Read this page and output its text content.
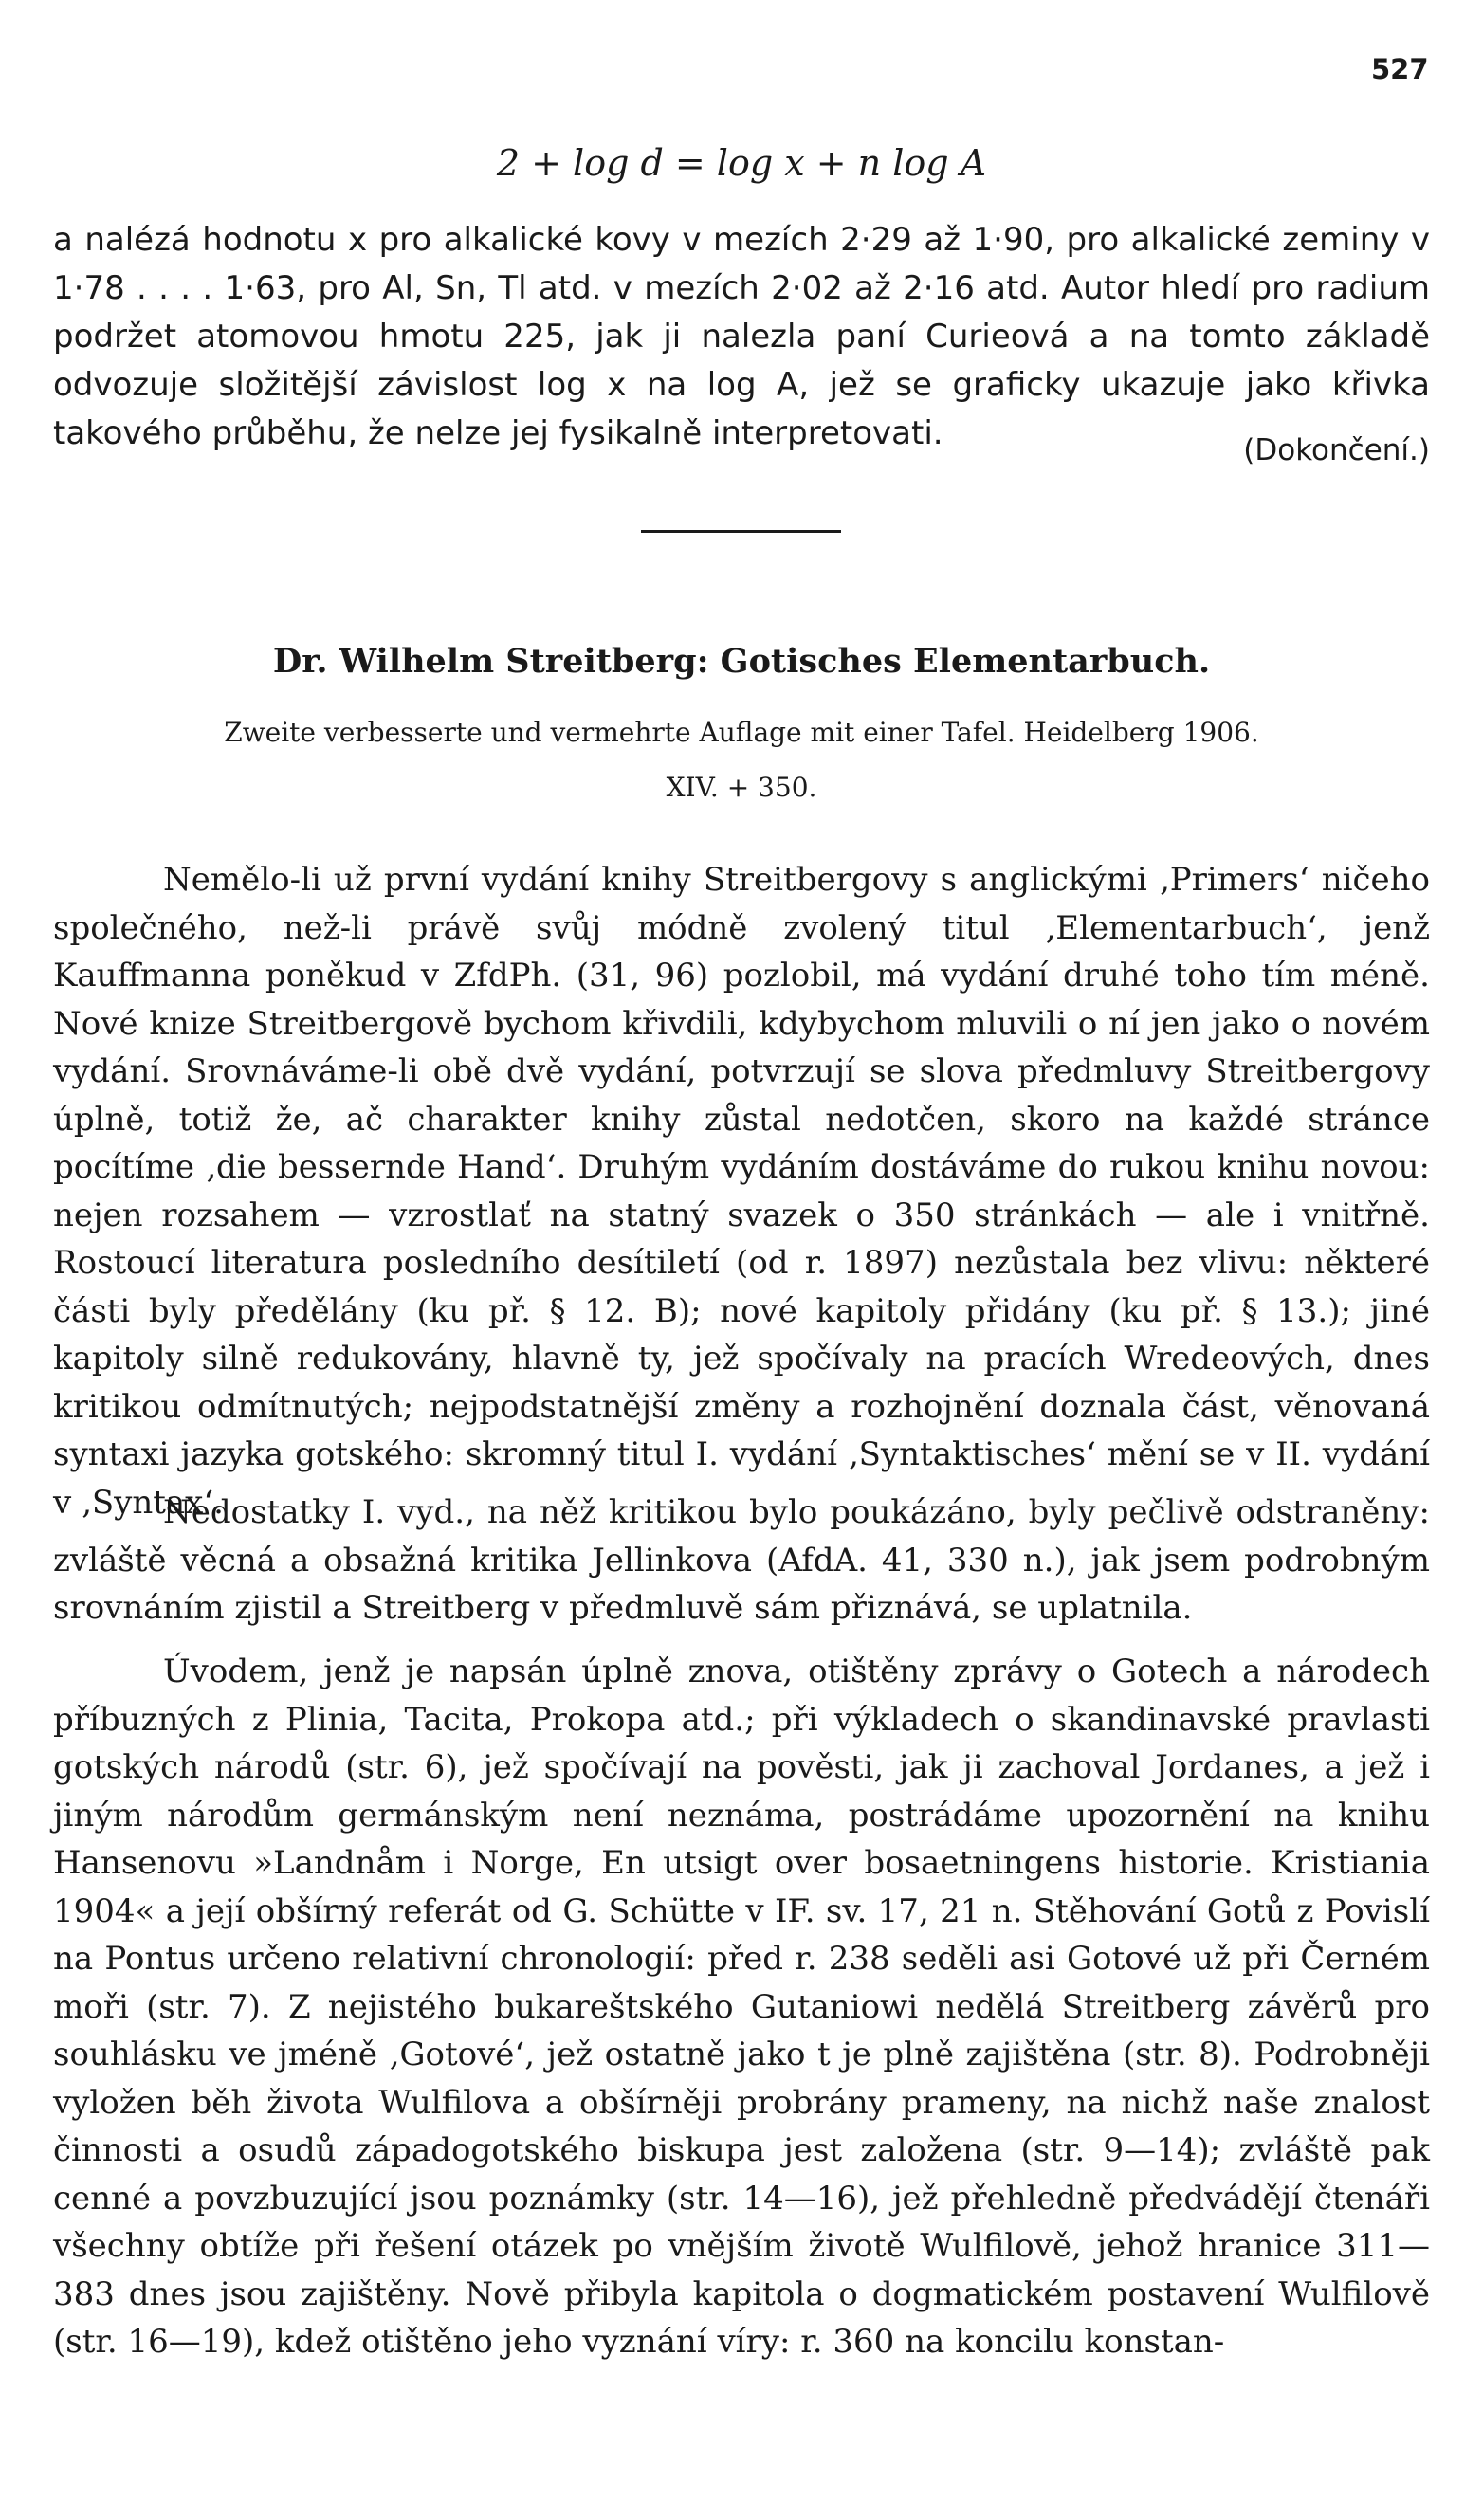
527
2 + log d = log x + n log A
a nalézá hodnotu x pro alkalické kovy v mezích 2·29 až 1·90, pro alkalické zeminy v 1·78 . . . . 1·63, pro Al, Sn, Tl atd. v mezích 2·02 až 2·16 atd. Autor hledí pro radium podržet atomovou hmotu 225, jak ji nalezla paní Curieová a na tomto základě odvozuje složitější závislost log x na log A, jež se graficky ukazuje jako křivka takového průběhu, že nelze jej fysikalně interpretovati.	(Dokončení.)
Dr. Wilhelm Streitberg: Gotisches Elementarbuch.
Zweite verbesserte und vermehrte Auflage mit einer Tafel. Heidelberg 1906.
XIV. + 350.

Nemělo-li už první vydání knihy Streitbergovy s anglickými ‚Primers‘ ničeho společného, než-li právě svůj módně zvolený titul ‚Elementarbuch‘, jenž Kauffmanna poněkud v ZfdPh. (31, 96) pozlobil, má vydání druhé toho tím méně. Nové knize Streitbergově bychom křivdili, kdybychom mluvili o ní jen jako o novém vydání. Srovnáváme-li obě dvě vydání, potvrzují se slova předmluvy Streitbergovy úplně, totiž že, ač charakter knihy zůstal nedotčen, skoro na každé stránce pocítíme ‚die bessernde Hand‘. Druhým vydáním dostáváme do rukou knihu novou: nejen rozsahem — vzrostlať na statný svazek o 350 stránkách — ale i vnitřně. Rostoucí literatura posledního desítiletí (od r. 1897) nezůstala bez vlivu: některé části byly předělány (ku př. § 12. B); nové kapitoly přidány (ku př. § 13.); jiné kapitoly silně redukovány, hlavně ty, jež spočívaly na pracích Wredeových, dnes kritikou odmítnutých; nejpodstatnější změny a rozhojnění doznala část, věnovaná syntaxi jazyka gotského: skromný titul I. vydání ‚Syntaktisches‘ mění se v II. vydání v ‚Syntax‘.

Nedostatky I. vyd., na něž kritikou bylo poukázáno, byly pečlivě odstraněny: zvláště věcná a obsažná kritika Jellinkova (AfdA. 41, 330 n.), jak jsem podrobným srovnáním zjistil a Streitberg v předmluvě sám přiznává, se uplatnila.

Úvodem, jenž je napsán úplně znova, otištěny zprávy o Gotech a národech příbuzných z Plinia, Tacita, Prokopa atd.; při výkladech o skandinavské pravlasti gotských národů (str. 6), jež spočívají na pověsti, jak ji zachoval Jordanes, a jež i jiným národům germánským není neznáma, postrádáme upozornění na knihu Hansenovu »Landnåm i Norge, En utsigt over bosaetningens historie. Kristiania 1904« a její obšírný referát od G. Schütte v IF. sv. 17, 21 n. Stěhování Gotů z Povislí na Pontus určeno relativní chronologií: před r. 238 seděli asi Gotové už při Černém moři (str. 7). Z nejistého bukareštského Gutaniowi nedělá Streitberg závěrů pro souhlásku ve jméně ‚Gotové‘, jež ostatně jako t je plně zajištěna (str. 8). Podrobněji vyložen běh života Wulfilova a obšírněji probrány prameny, na nichž naše znalost činnosti a osudů západogotského biskupa jest založena (str. 9—14); zvláště pak cenné a povzbuzující jsou poznámky (str. 14—16), jež přehledně předvádějí čtenáři všechny obtíže při řešení otázek po vnějším životě Wulfilově, jehož hranice 311—383 dnes jsou zajištěny. Nově přibyla kapitola o dogmatickém postavení Wulfilově (str. 16—19), kdež otištěno jeho vyznání víry: r. 360 na koncilu konstan-
